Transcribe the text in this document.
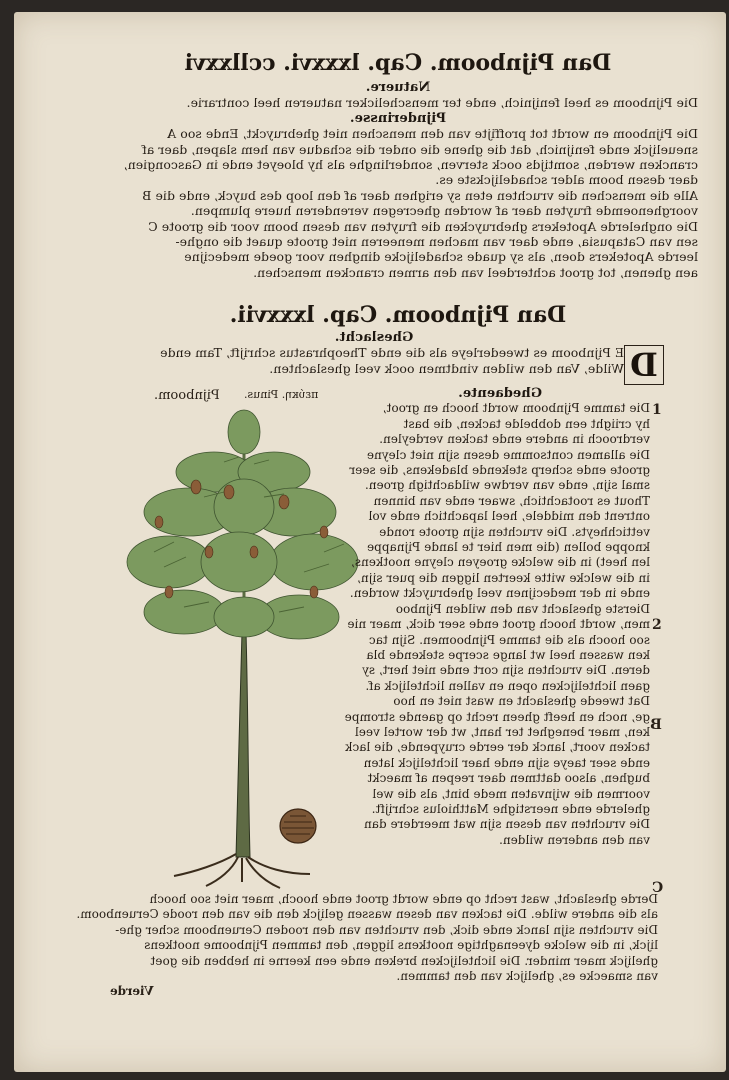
Dan Pijnboom. Cap. lxxxvi. ccllxxvi
Natuere.
Die Pijnboom es heel fenijnich, ende ter menschelicker natueren heel contrarie.
Pijnderinsse.
Die Pijnboom en wordt tot proffijte van den menschen niet ghebruyckt, Ende soo A
sneuelijck ende fenijnich, dat die ghene die onder die schadue van hem slapen, daer af
crancken werden, somtijds oock sterven, sonderlinghe als hy bloeyet ende in Gascongien,
daer desen boom alder schadelijckste es.
Alle die menschen die vruchten eten sy erighen daer af den loop des buyck, ende die B
voorghenoemde fruyten daer af worden ghecregen verenderen huere plumpen.
Die onghelerde Apotekers ghebruycken die fruyten van desen boom voor die groote C
sen van Catapusia, ende daer van machen meneeren niet groote quaet die onghe-
leerde Apotekers doen, als sy quade schadelijcke dinghen voor goede medecijne
aen ghenen, tot groot achterdeel van den armen crancken menschen.
Dan Pijnboom. Cap. lxxxvii.
D
Gheslacht.
E Pijnboom es tweederleye als die ende Theophrastus schrijft, Tam ende
Wilde, Van den wilden vindtmen oock veel gheslachten.
πεύκη. Pinus.
Pijnboom.	Ghedaente.
Die tamme Pijnboom wordt hooch en groot,
hy criight een dobbelde tacken, die bast
verdrooch in andere ende tacken verdeylen.
Die allamen contsomme desen sijn niet cleyne
groote ende scherp stekende bladekens, die seer
smal sijn, ende van verdwe wildachtigh groen.
Thout es rootachtich, swaer ende van binnen
ontrent den middele, heel lapachtich ende vol
vettichheyts. Die vruchten sijn groote ronde
knoppe bollen (die men hier te lande Pijnappe
len heet) in die welcke groeyen cleyne nootkens,
in die welcke witte keerten liggen die puer sijn,
ende in der medecijnen veel ghebruyckt worden.
Dierste gheslacht van den wilden Pijnboo
men, wordt hooch groot ende seer dick, maer nie
soo hooch als die tamme Pijnboomen. Sijn tac
ken wassen heel wt lange scerpe stekende bla
deren. Die vruchten sijn cort ende niet hert, sy
gaen lichtelijcken open en vallen lichtelijck af.
Dat tweede gheslacht en wast niet en hoo
ge, noch en heeft gheen recht op gaende strompe
ken, maer beneghet ter hant, wt der wortel veel
tacken voort, lanck der eerde cruypende, die lack
ende seer taeye sijn ende haer lichtelijck laten
bughen, alsoo dattmen daer reepen af maeckt
voormen die wijnvaten mede bint, als die wel
ghelerde ende neerstighe Matthiolus schrijft.
Die vruchten van desen sijn wat meerdere dan
van den anderen wilden.
1
2
B
Derde gheslacht, wast recht op ende wordt groot ende hooch, maer niet soo hooch
als die andere wilde. Die tacken van desen wassen gelijck den die van den roode Ceruenboom.
Die vruchten sijn lanck ende dick, den vruchten van den rooden Ceruenboom scher ghe-
lijck, in die welcke dyeenaghtige nootkens liggen, den tammen Pijnboome nootkens
ghelijck maer minder. Die lichtelijcken breken ende een keerne in hebben die goet
van smaecke es, ghelijck van den tammen.
C
Vierde
